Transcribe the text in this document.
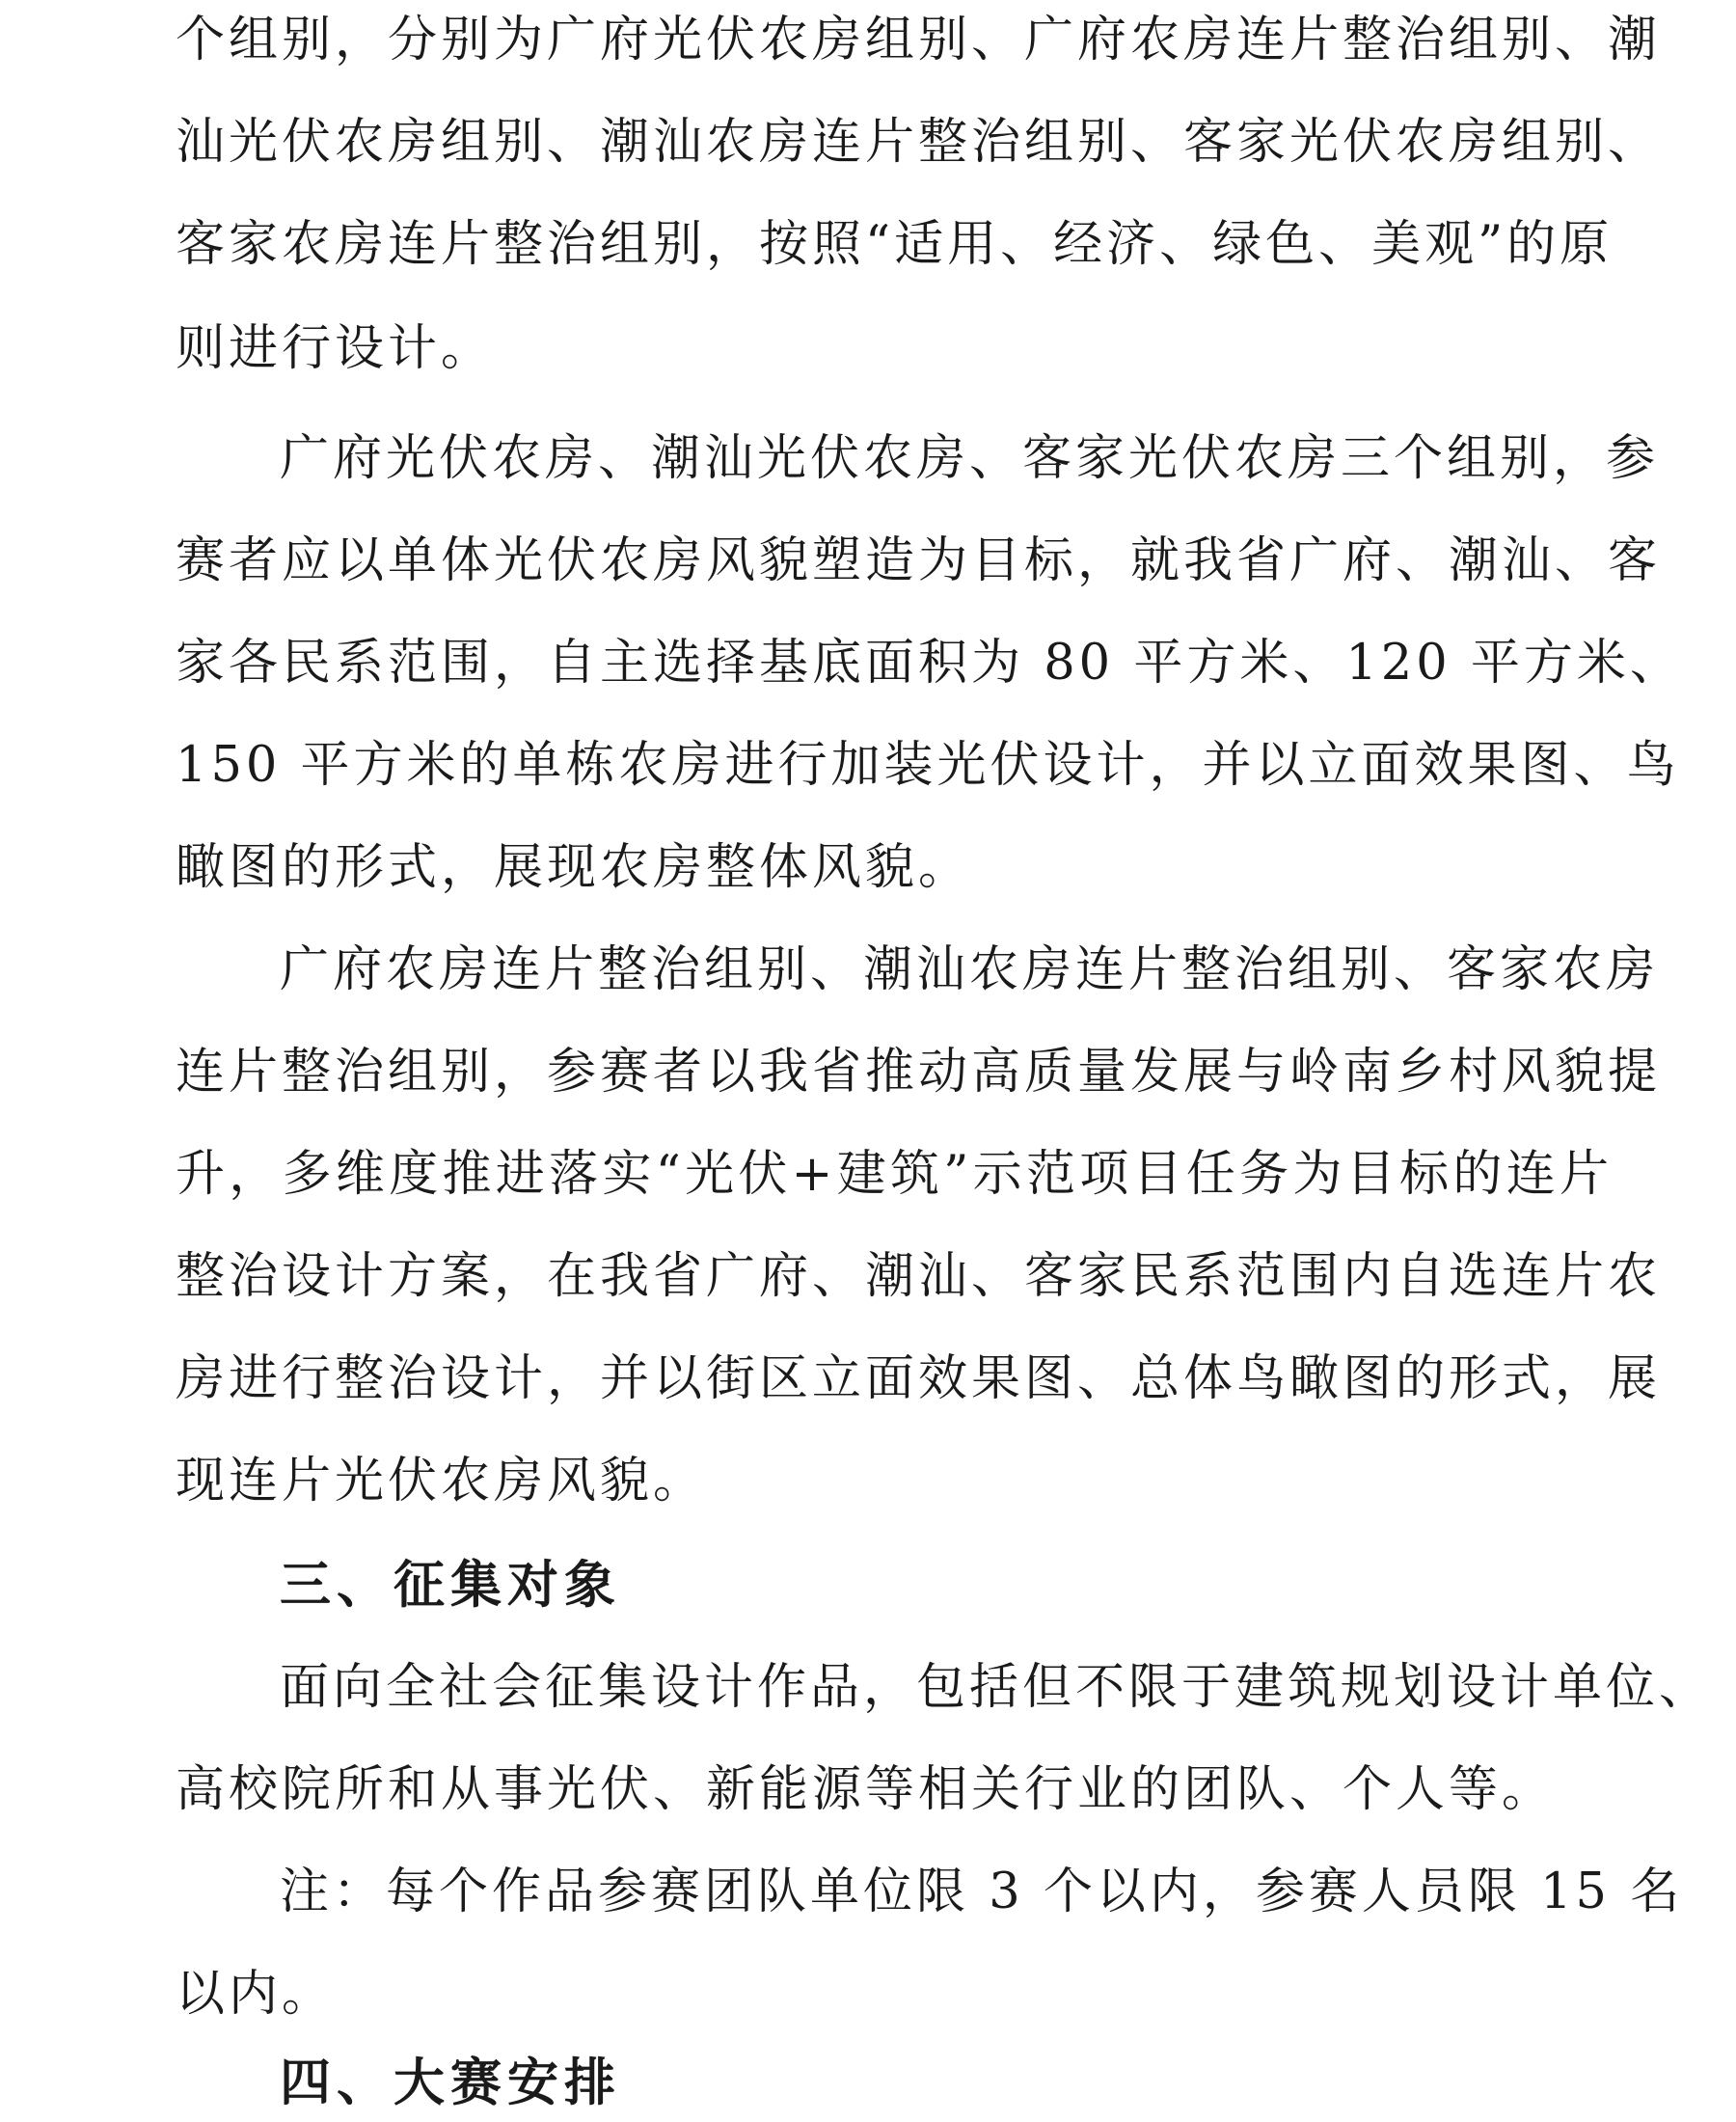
个组别，分别为广府光伏农房组别、广府农房连片整治组别、潮
汕光伏农房组别、潮汕农房连片整治组别、客家光伏农房组别、
客家农房连片整治组别，按照“适用、经济、绿色、美观”的原
则进行设计。
广府光伏农房、潮汕光伏农房、客家光伏农房三个组别，参
赛者应以单体光伏农房风貌塑造为目标，就我省广府、潮汕、客
家各民系范围，自主选择基底面积为 80 平方米、120 平方米、
150 平方米的单栋农房进行加装光伏设计，并以立面效果图、鸟
瞰图的形式，展现农房整体风貌。
广府农房连片整治组别、潮汕农房连片整治组别、客家农房
连片整治组别，参赛者以我省推动高质量发展与岭南乡村风貌提
升，多维度推进落实“光伏+建筑”示范项目任务为目标的连片
整治设计方案，在我省广府、潮汕、客家民系范围内自选连片农
房进行整治设计，并以街区立面效果图、总体鸟瞰图的形式，展
现连片光伏农房风貌。
三、征集对象
面向全社会征集设计作品，包括但不限于建筑规划设计单位、
高校院所和从事光伏、新能源等相关行业的团队、个人等。
注：每个作品参赛团队单位限 3 个以内，参赛人员限 15 名
以内。
四、大赛安排
